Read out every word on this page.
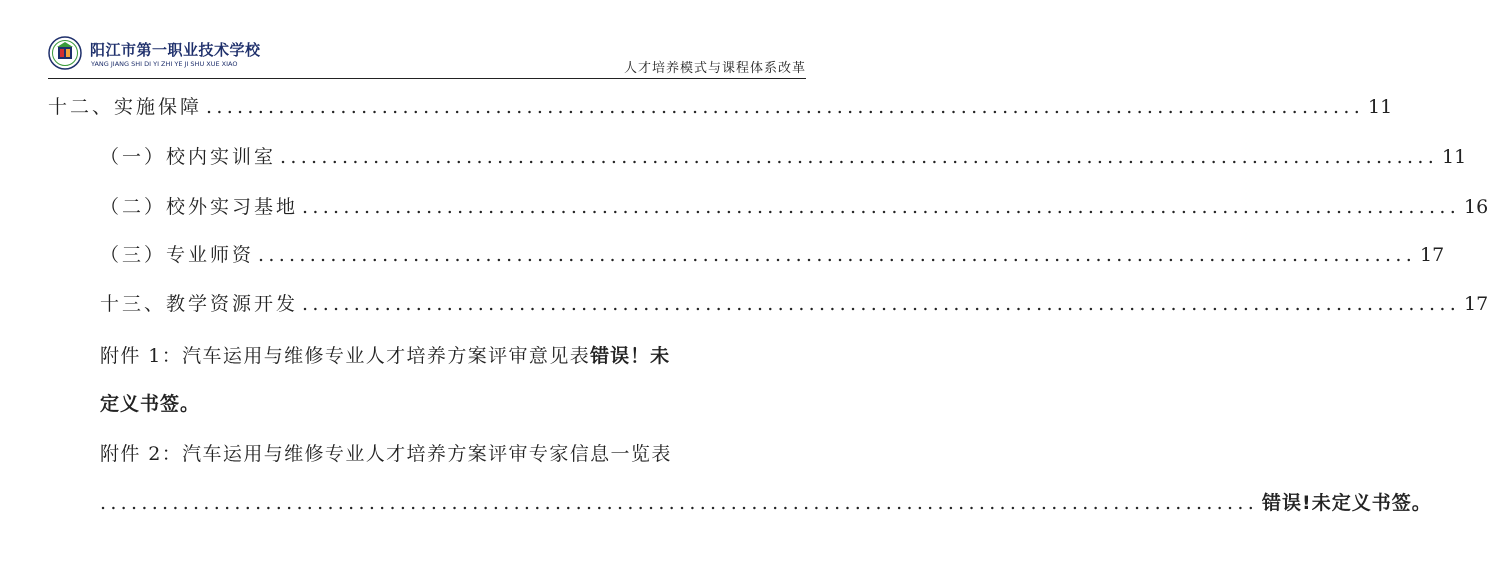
阳江市第一职业技术学校
YANG JIANG SHI DI YI ZHI YE JI SHU XUE XIAO	人才培养模式与课程体系改革
十二、实施保障 ................................................................................................................ 11
（一）校内实训室 ................................................................................................................ 11
（二）校外实习基地 ................................................................................................................ 16
（三）专业师资 ................................................................................................................ 17
十三、教学资源开发 ................................................................................................................ 17
附件 1：汽车运用与维修专业人才培养方案评审意见表错误！未
定义书签。
附件 2：汽车运用与维修专业人才培养方案评审专家信息一览表
................................................................................................................ 错误!未定义书签。
